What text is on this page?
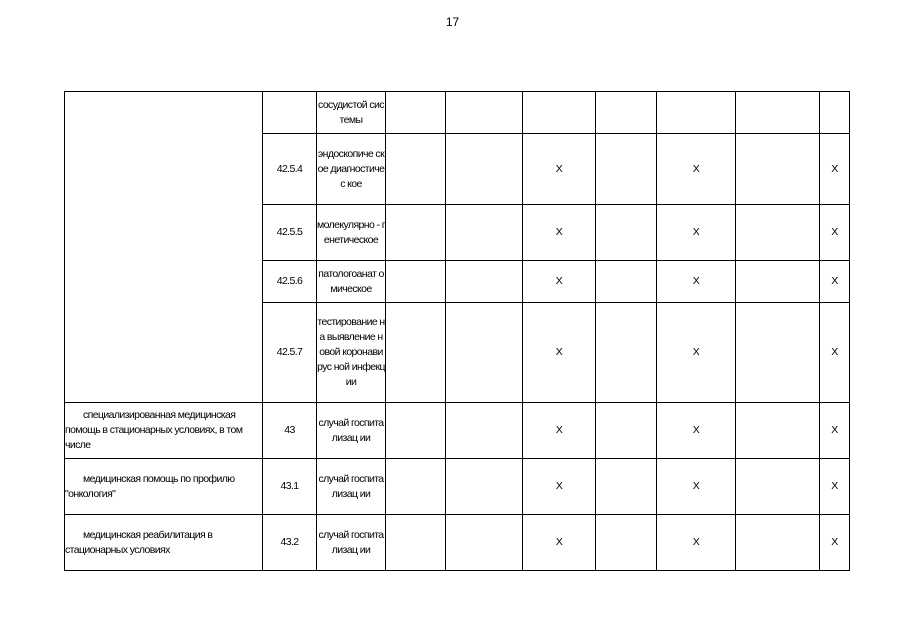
17
		сосудистой системы							
	42.5.4	эндоскопиче ское диагностичес кое			Х		Х		Х
	42.5.5	молекулярно - генетическое			Х		Х		Х
	42.5.6	патологоанат омическое			Х		Х		Х
	42.5.7	тестирование на выявление новой коронавирус ной инфекции			Х		Х		Х
специализированная медицинская помощь в стационарных условиях, в том числе	43	случай госпитализац ии			Х		Х		Х
медицинская помощь по профилю "онкология"	43.1	случай госпитализац ии			Х		Х		Х
медицинская реабилитация в стационарных условиях	43.2	случай госпитализац ии			Х		Х		Х
